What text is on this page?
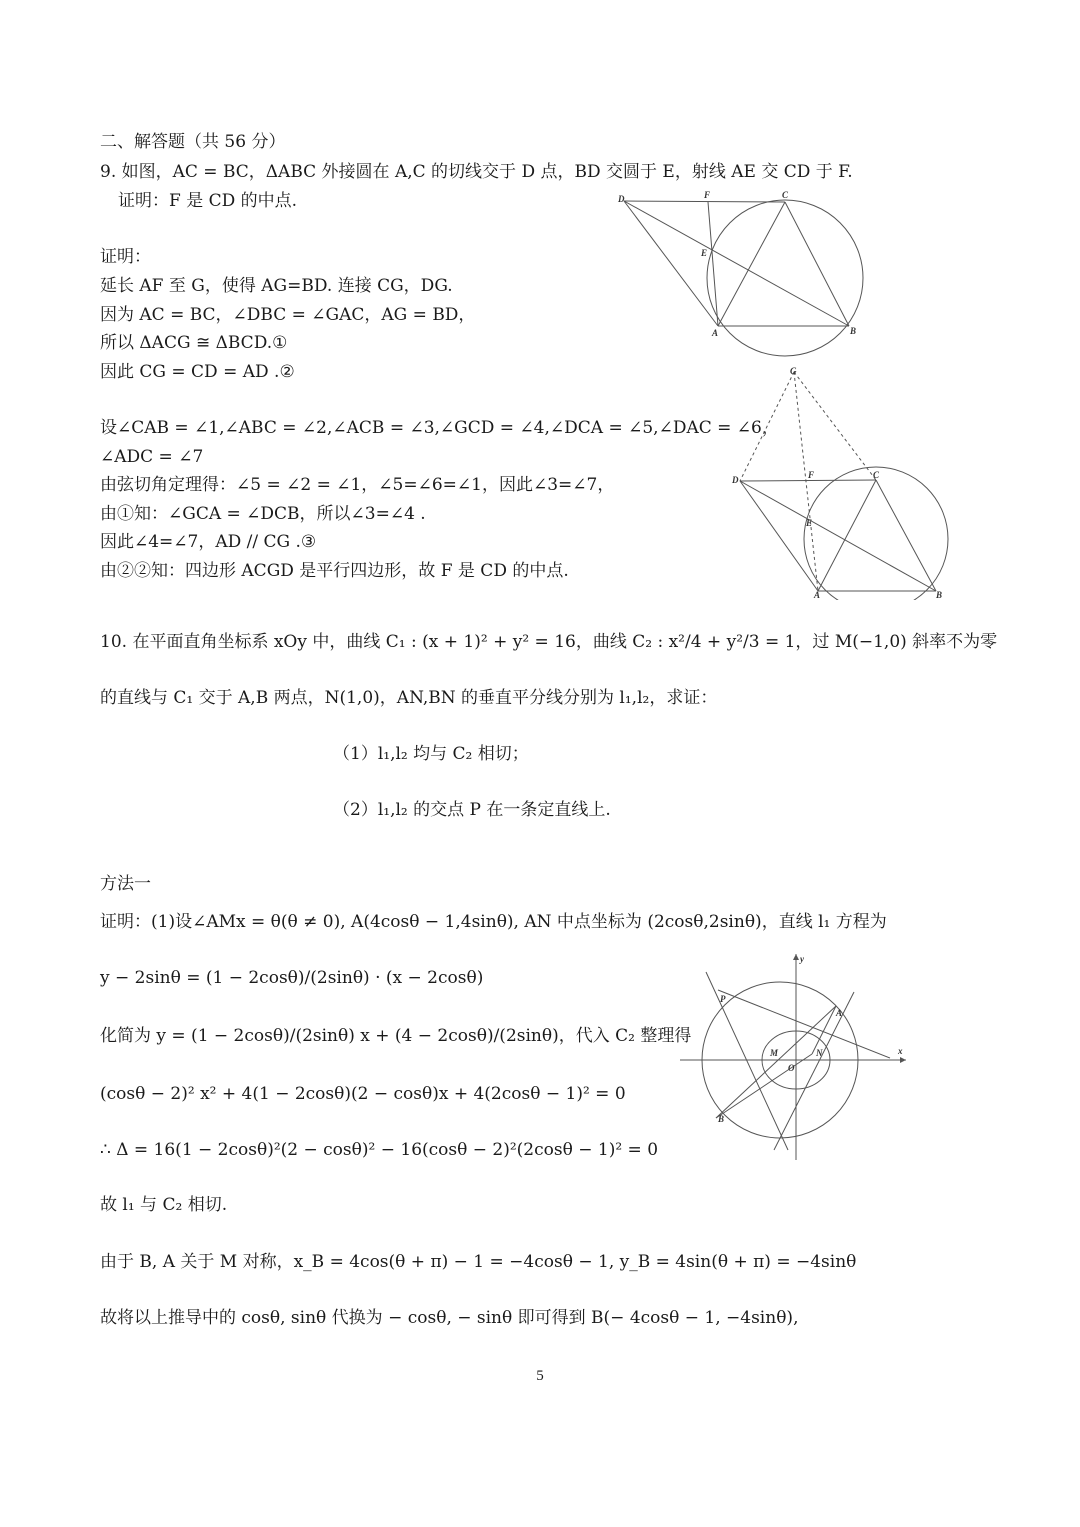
二、解答题（共 56 分）
9. 如图，AC = BC，ΔABC 外接圆在 A,C 的切线交于 D 点，BD 交圆于 E，射线 AE 交 CD 于 F.
证明：F 是 CD 的中点.
证明：
延长 AF 至 G，使得 AG=BD. 连接 CG，DG.
因为 AC = BC，∠DBC = ∠GAC，AG = BD，
所以 ΔACG ≅ ΔBCD.①
因此 CG = CD = AD .②
设∠CAB = ∠1,∠ABC = ∠2,∠ACB = ∠3,∠GCD = ∠4,∠DCA = ∠5,∠DAC = ∠6，
∠ADC = ∠7
由弦切角定理得：∠5 = ∠2 = ∠1，∠5=∠6=∠1，因此∠3=∠7，
由①知：∠GCA = ∠DCB，所以∠3=∠4 .
因此∠4=∠7，AD // CG .③
由②②知：四边形 ACGD 是平行四边形，故 F 是 CD 的中点.
D	F	C
E
A	B
G
D	F	C
E
A	B
10. 在平面直角坐标系 xOy 中，曲线 C₁ : (x + 1)² + y² = 16，曲线 C₂ : x²/4 + y²/3 = 1，过 M(−1,0) 斜率不为零
的直线与 C₁ 交于 A,B 两点，N(1,0)，AN,BN 的垂直平分线分别为 l₁,l₂，求证：
（1）l₁,l₂ 均与 C₂ 相切；
（2）l₁,l₂ 的交点 P 在一条定直线上.
方法一
证明：(1)设∠AMx = θ(θ ≠ 0), A(4cosθ − 1,4sinθ), AN 中点坐标为 (2cosθ,2sinθ)，直线 l₁ 方程为
y − 2sinθ = (1 − 2cosθ)/(2sinθ) · (x − 2cosθ)
化简为 y = (1 − 2cosθ)/(2sinθ) x + (4 − 2cosθ)/(2sinθ)，代入 C₂ 整理得
(cosθ − 2)² x² + 4(1 − 2cosθ)(2 − cosθ)x + 4(2cosθ − 1)² = 0
∴ Δ = 16(1 − 2cosθ)²(2 − cosθ)² − 16(cosθ − 2)²(2cosθ − 1)² = 0
故 l₁ 与 C₂ 相切.
由于 B, A 关于 M 对称，x_B = 4cos(θ + π) − 1 = −4cosθ − 1, y_B = 4sin(θ + π) = −4sinθ
故将以上推导中的 cosθ, sinθ 代换为 − cosθ, − sinθ 即可得到 B(− 4cosθ − 1, −4sinθ),
y
P
A
M
O
N	x
B
5
